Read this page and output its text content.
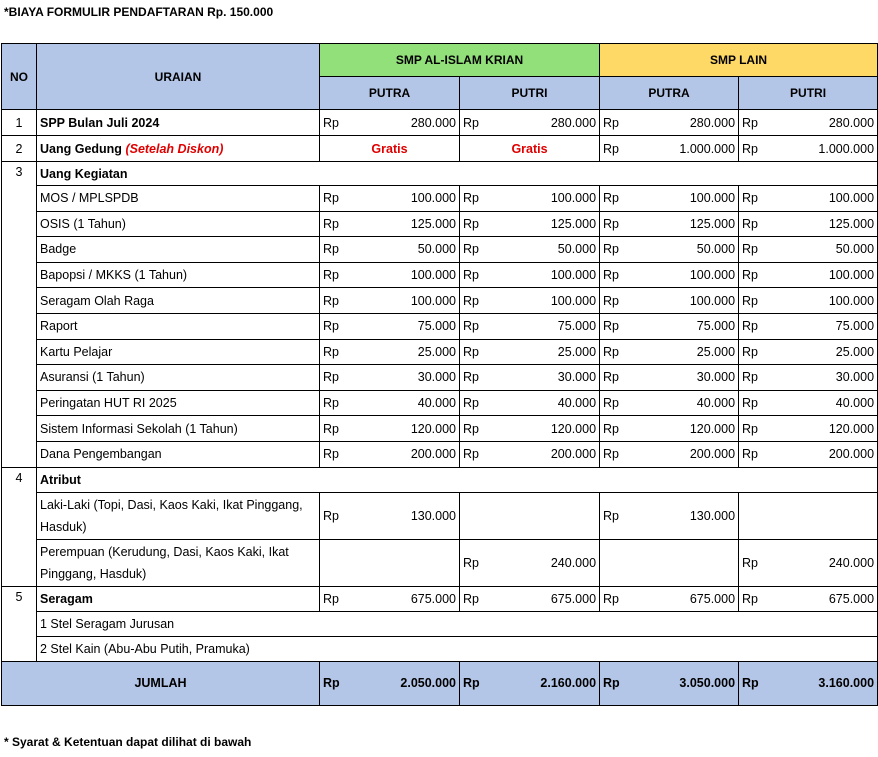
*BIAYA FORMULIR PENDAFTARAN Rp. 150.000
NO	URAIAN	SMP AL-ISLAM KRIAN				SMP LAIN			
		PUTRA		PUTRI		PUTRA		PUTRI	
1	SPP Bulan Juli 2024	Rp	280.000	Rp	280.000	Rp	280.000	Rp	280.000
2	Uang Gedung (Setelah Diskon)	Gratis		Gratis		Rp	1.000.000	Rp	1.000.000
3	Uang Kegiatan								
	MOS / MPLSPDB	Rp	100.000	Rp	100.000	Rp	100.000	Rp	100.000
	OSIS (1 Tahun)	Rp	125.000	Rp	125.000	Rp	125.000	Rp	125.000
	Badge	Rp	50.000	Rp	50.000	Rp	50.000	Rp	50.000
	Bapopsi / MKKS (1 Tahun)	Rp	100.000	Rp	100.000	Rp	100.000	Rp	100.000
	Seragam Olah Raga	Rp	100.000	Rp	100.000	Rp	100.000	Rp	100.000
	Raport	Rp	75.000	Rp	75.000	Rp	75.000	Rp	75.000
	Kartu Pelajar	Rp	25.000	Rp	25.000	Rp	25.000	Rp	25.000
	Asuransi (1 Tahun)	Rp	30.000	Rp	30.000	Rp	30.000	Rp	30.000
	Peringatan HUT RI 2025	Rp	40.000	Rp	40.000	Rp	40.000	Rp	40.000
	Sistem Informasi Sekolah (1 Tahun)	Rp	120.000	Rp	120.000	Rp	120.000	Rp	120.000
	Dana Pengembangan	Rp	200.000	Rp	200.000	Rp	200.000	Rp	200.000
4	Atribut								
	Laki-Laki (Topi, Dasi, Kaos Kaki, Ikat Pinggang, Hasduk)	Rp	130.000			Rp	130.000		
	Perempuan (Kerudung, Dasi, Kaos Kaki, Ikat Pinggang, Hasduk)			Rp	240.000			Rp	240.000
5	Seragam	Rp	675.000	Rp	675.000	Rp	675.000	Rp	675.000
	1 Stel Seragam Jurusan								
	2 Stel Kain (Abu-Abu Putih, Pramuka)								
JUMLAH		Rp	2.050.000	Rp	2.160.000	Rp	3.050.000	Rp	3.160.000
* Syarat & Ketentuan dapat dilihat di bawah
